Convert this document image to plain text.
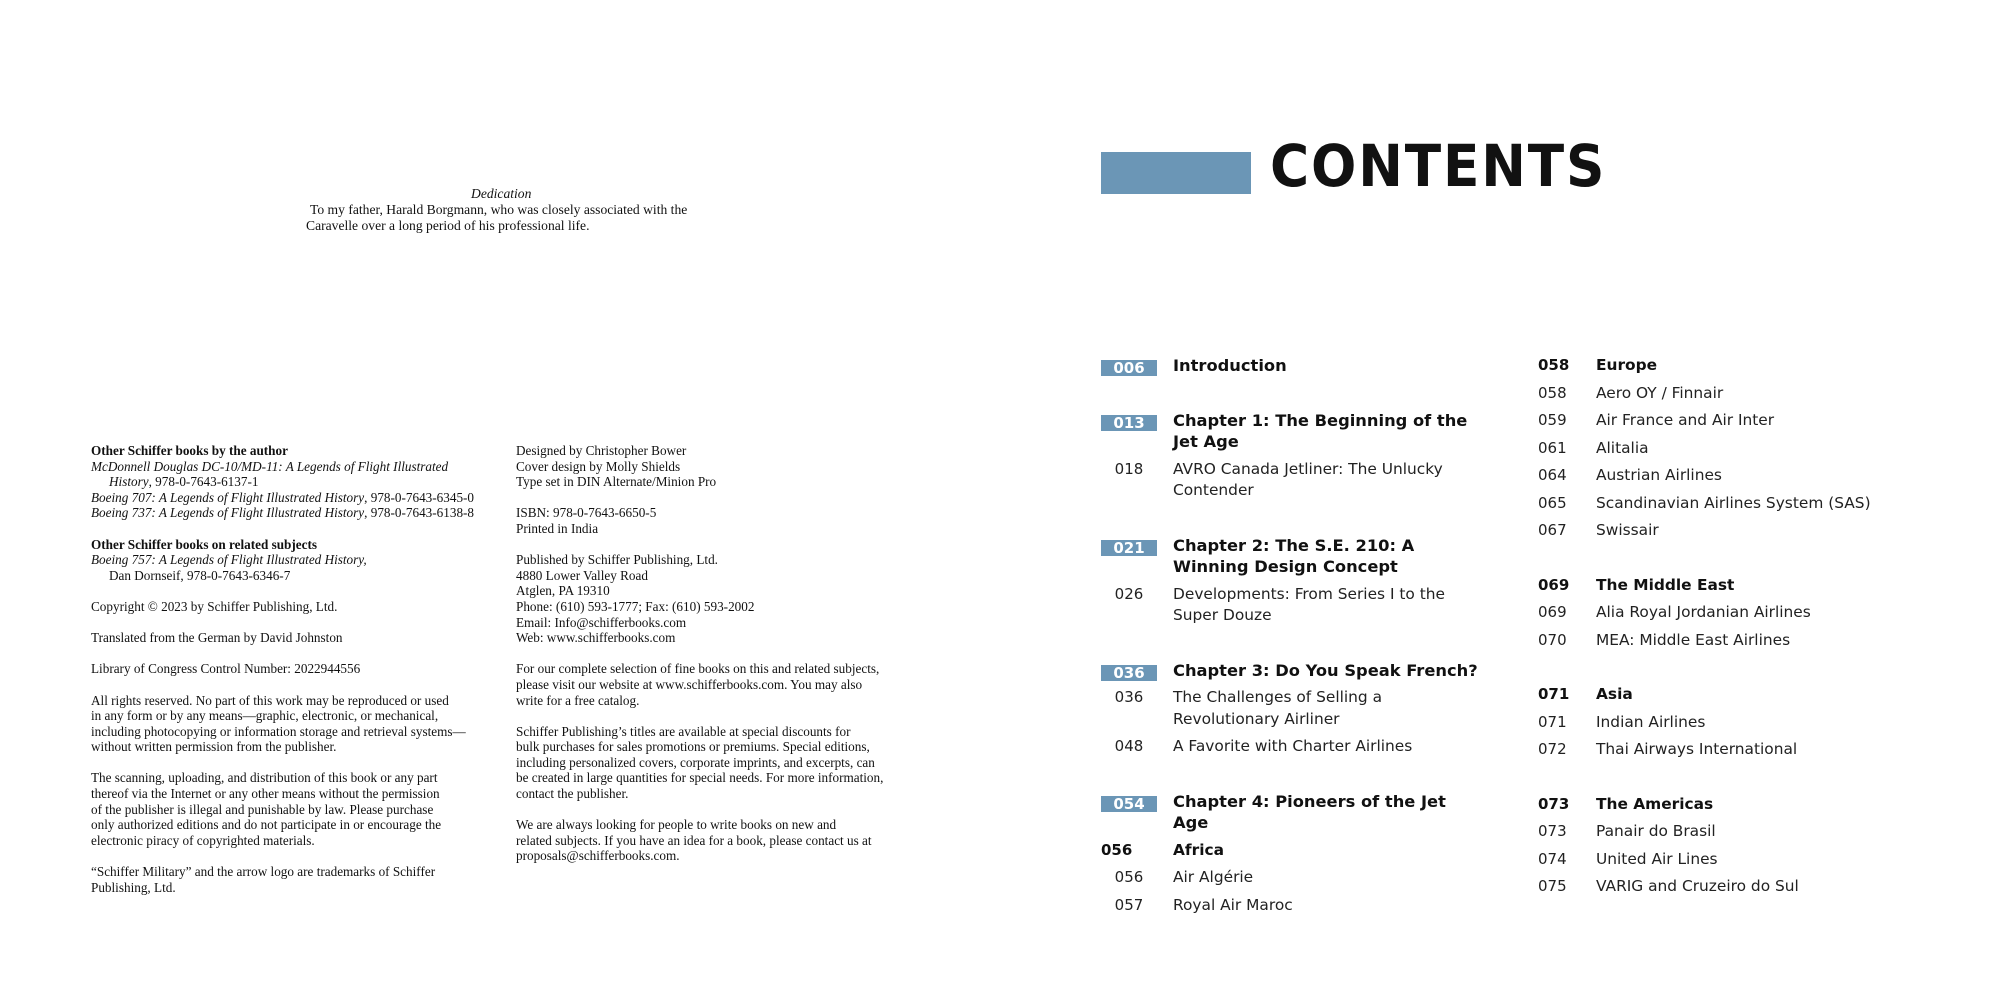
Dedication
To my father, Harald Borgmann, who was closely associated with the
Caravelle over a long period of his professional life.
Other Schiffer books by the author
McDonnell Douglas DC-10/MD-11: A Legends of Flight Illustrated
History, 978-0-7643-6137-1
Boeing 707: A Legends of Flight Illustrated History, 978-0-7643-6345-0
Boeing 737: A Legends of Flight Illustrated History, 978-0-7643-6138-8
Other Schiffer books on related subjects
Boeing 757: A Legends of Flight Illustrated History,
Dan Dornseif, 978-0-7643-6346-7
Copyright © 2023 by Schiffer Publishing, Ltd.
Translated from the German by David Johnston
Library of Congress Control Number: 2022944556
All rights reserved. No part of this work may be reproduced or used
in any form or by any means—graphic, electronic, or mechanical,
including photocopying or information storage and retrieval systems—
without written permission from the publisher.
The scanning, uploading, and distribution of this book or any part
thereof via the Internet or any other means without the permission
of the publisher is illegal and punishable by law. Please purchase
only authorized editions and do not participate in or encourage the
electronic piracy of copyrighted materials.
“Schiffer Military” and the arrow logo are trademarks of Schiffer
Publishing, Ltd.
Designed by Christopher Bower
Cover design by Molly Shields
Type set in DIN Alternate/Minion Pro
ISBN: 978-0-7643-6650-5
Printed in India
Published by Schiffer Publishing, Ltd.
4880 Lower Valley Road
Atglen, PA 19310
Phone: (610) 593-1777; Fax: (610) 593-2002
Email: Info@schifferbooks.com
Web: www.schifferbooks.com
For our complete selection of fine books on this and related subjects,
please visit our website at www.schifferbooks.com. You may also
write for a free catalog.
Schiffer Publishing’s titles are available at special discounts for
bulk purchases for sales promotions or premiums. Special editions,
including personalized covers, corporate imprints, and excerpts, can
be created in large quantities for special needs. For more information,
contact the publisher.
We are always looking for people to write books on new and
related subjects. If you have an idea for a book, please contact us at
proposals@schifferbooks.com.
CONTENTS
006	Introduction
013	Chapter 1: The Beginning of the Jet Age
018	AVRO Canada Jetliner: The Unlucky Contender
021	Chapter 2: The S.E. 210: A Winning Design Concept
026	Developments: From Series I to the Super Douze
036	Chapter 3: Do You Speak French?
036	The Challenges of Selling a Revolutionary Airliner
048	A Favorite with Charter Airlines
054	Chapter 4: Pioneers of the Jet Age
056	Africa
056	Air Algérie
057	Royal Air Maroc
058	Europe
058	Aero OY / Finnair
059	Air France and Air Inter
061	Alitalia
064	Austrian Airlines
065	Scandinavian Airlines System (SAS)
067	Swissair
069	The Middle East
069	Alia Royal Jordanian Airlines
070	MEA: Middle East Airlines
071	Asia
071	Indian Airlines
072	Thai Airways International
073	The Americas
073	Panair do Brasil
074	United Air Lines
075	VARIG and Cruzeiro do Sul
